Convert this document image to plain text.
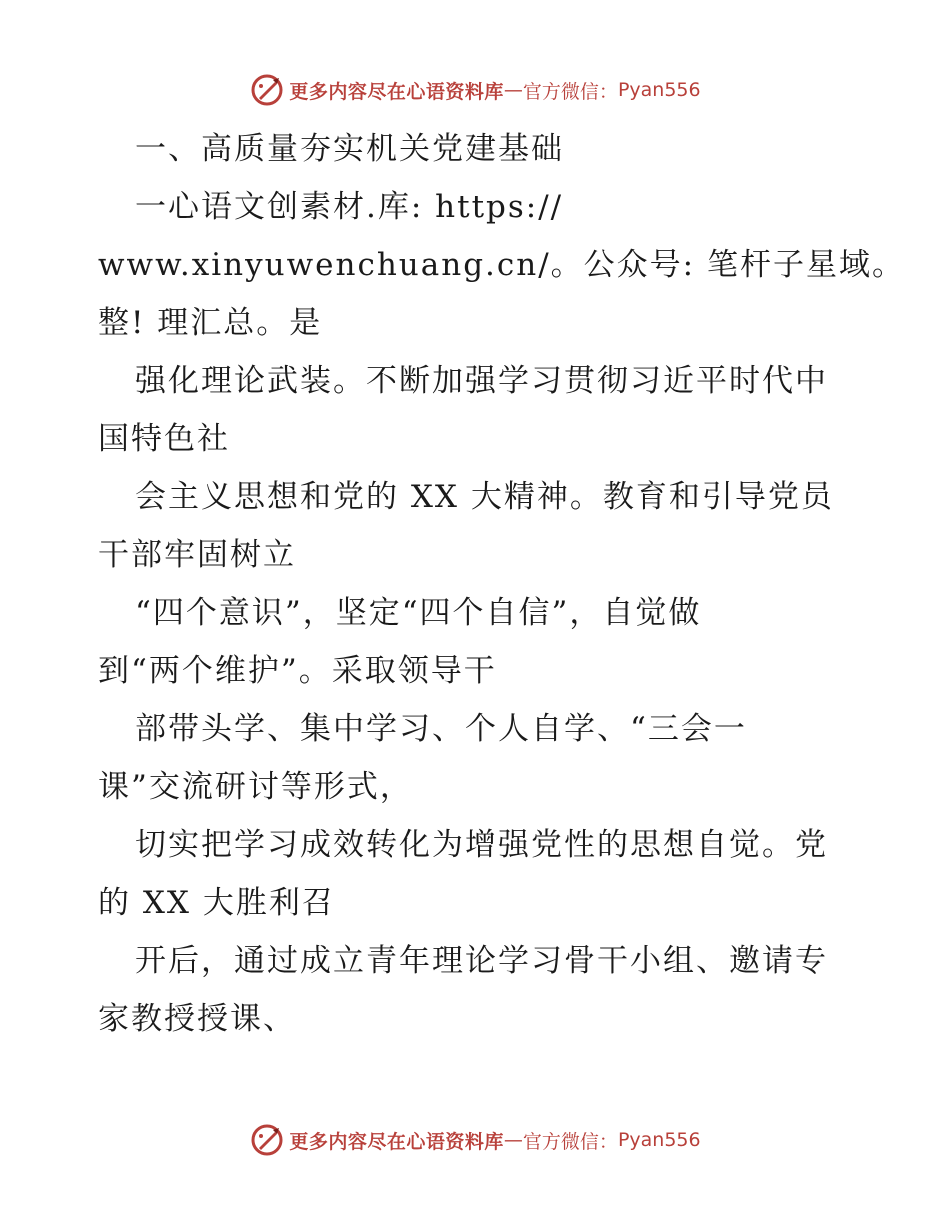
更多内容尽在心语资料库 — 官方微信： Pyan556
一、高质量夯实机关党建基础
一心语文创素材.库: https://
www.xinyuwenchuang.cn/。公众号: 笔杆子星域。
整! 理汇总。是
强化理论武装。不断加强学习贯彻习近平时代中
国特色社
会主义思想和党的 XX 大精神。教育和引导党员
干部牢固树立
“四个意识”，坚定“四个自信”，自觉做
到“两个维护”。采取领导干
部带头学、集中学习、个人自学、“三会一
课”交流研讨等形式，
切实把学习成效转化为增强党性的思想自觉。党
的 XX 大胜利召
开后，通过成立青年理论学习骨干小组、邀请专
家教授授课、
更多内容尽在心语资料库 — 官方微信： Pyan556
